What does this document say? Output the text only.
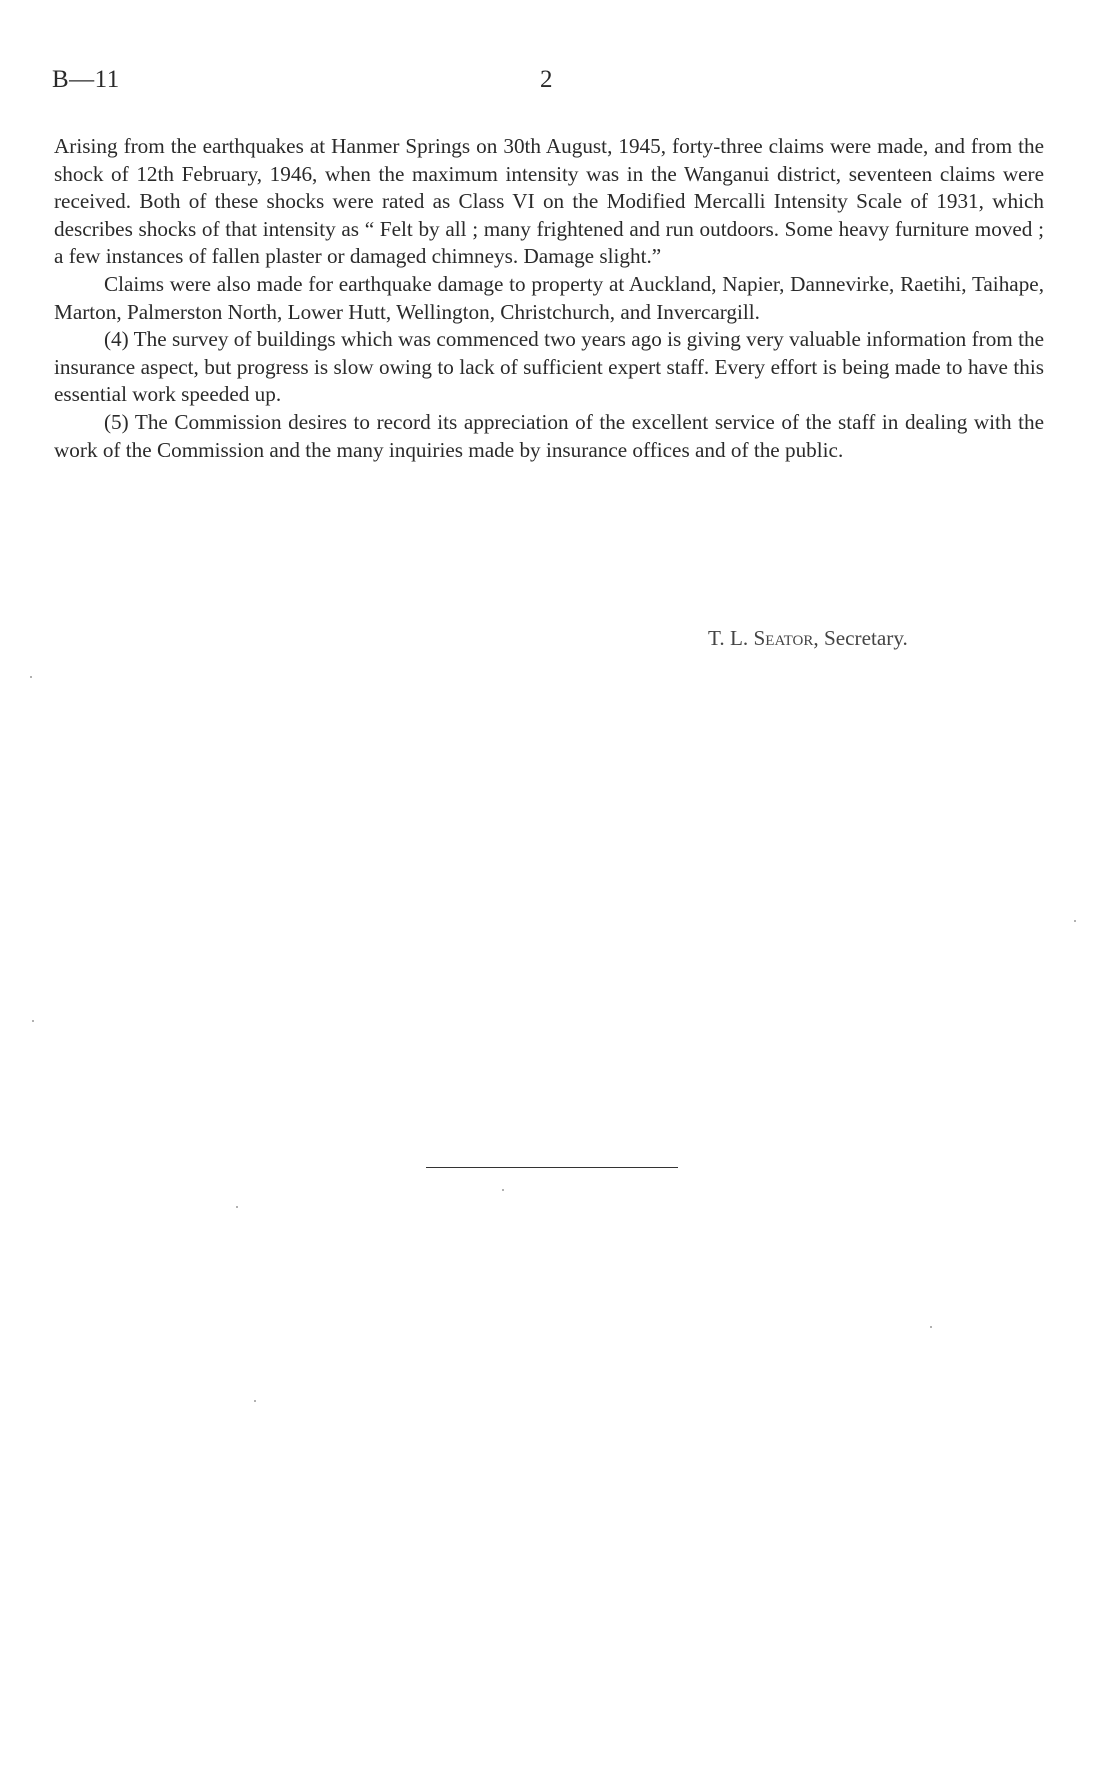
B—11	2

Arising from the earthquakes at Hanmer Springs on 30th August, 1945, forty-three claims were made, and from the shock of 12th February, 1946, when the maximum intensity was in the Wanganui district, seventeen claims were received. Both of these shocks were rated as Class VI on the Modified Mercalli Intensity Scale of 1931, which describes shocks of that intensity as “ Felt by all ; many frightened and run outdoors. Some heavy furniture moved ; a few instances of fallen plaster or damaged chimneys. Damage slight.”

Claims were also made for earthquake damage to property at Auckland, Napier, Dannevirke, Raetihi, Taihape, Marton, Palmerston North, Lower Hutt, Wellington, Christchurch, and Invercargill.

(4) The survey of buildings which was commenced two years ago is giving very valuable information from the insurance aspect, but progress is slow owing to lack of sufficient expert staff. Every effort is being made to have this essential work speeded up.

(5) The Commission desires to record its appreciation of the excellent service of the staff in dealing with the work of the Commission and the many inquiries made by insurance offices and of the public.

T. L. Seator, Secretary.
